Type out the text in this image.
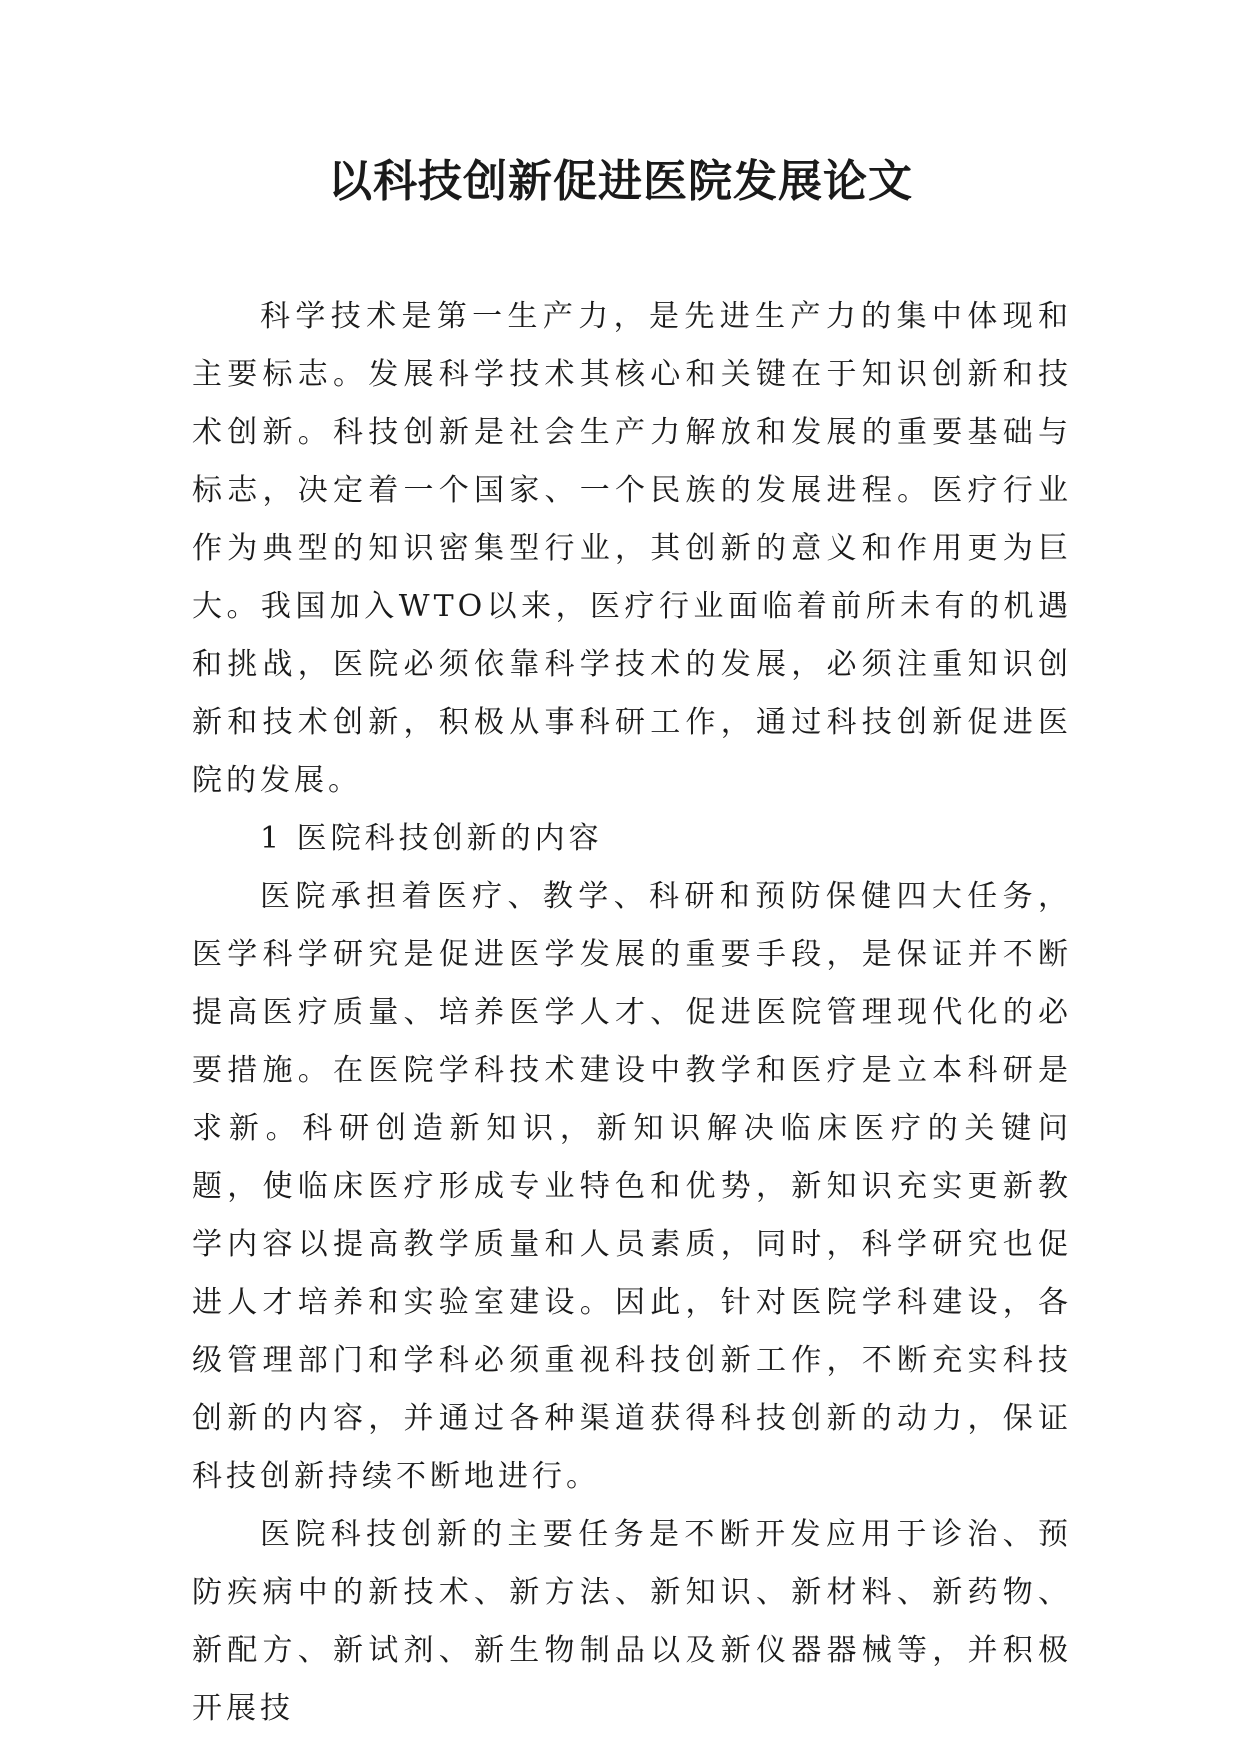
以科技创新促进医院发展论文

科学技术是第一生产力，是先进生产力的集中体现和主要标志。发展科学技术其核心和关键在于知识创新和技术创新。科技创新是社会生产力解放和发展的重要基础与标志，决定着一个国家、一个民族的发展进程。医疗行业作为典型的知识密集型行业，其创新的意义和作用更为巨大。我国加入WTO以来，医疗行业面临着前所未有的机遇和挑战，医院必须依靠科学技术的发展，必须注重知识创新和技术创新，积极从事科研工作，通过科技创新促进医院的发展。

1 医院科技创新的内容

医院承担着医疗、教学、科研和预防保健四大任务，医学科学研究是促进医学发展的重要手段，是保证并不断提高医疗质量、培养医学人才、促进医院管理现代化的必要措施。在医院学科技术建设中教学和医疗是立本科研是求新。科研创造新知识，新知识解决临床医疗的关键问题，使临床医疗形成专业特色和优势，新知识充实更新教学内容以提高教学质量和人员素质，同时，科学研究也促进人才培养和实验室建设。因此，针对医院学科建设，各级管理部门和学科必须重视科技创新工作，不断充实科技创新的内容，并通过各种渠道获得科技创新的动力，保证科技创新持续不断地进行。

医院科技创新的主要任务是不断开发应用于诊治、预防疾病中的新技术、新方法、新知识、新材料、新药物、新配方、新试剂、新生物制品以及新仪器器械等，并积极开展技
